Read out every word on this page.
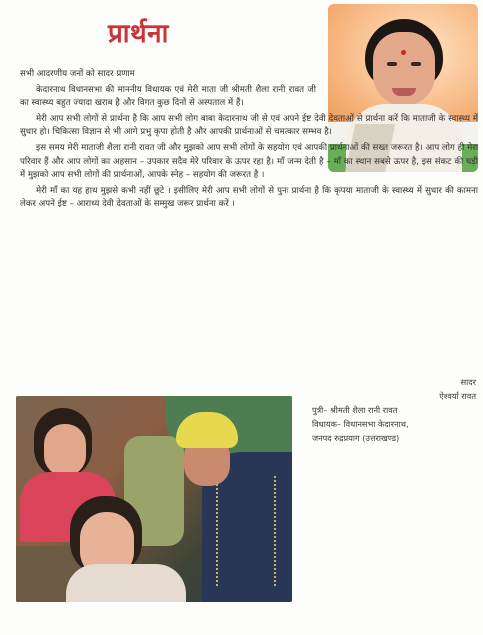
प्रार्थना

सभी आदरणीय जनों को सादर प्रणाम

केदारनाथ विधानसभा की माननीय विधायक एवं मेरी माता जी श्रीमती शैला रानी रावत जी का स्वास्थ्य बहुत ज्यादा खराब है और विगत कुछ दिनों से अस्पताल में हैं।

मेरी आप सभी लोगों से प्रार्थना है कि आप सभी लोग बाबा केदारनाथ जी से एवं अपने ईष्ट देवी देवताओं से प्रार्थना करें कि माताजी के स्वास्थ्य में सुधार हो। चिकित्सा विज्ञान से भी आगे प्रभु कृपा होती है और आपकी प्रार्थनाओं से चमत्कार सम्भव है।

इस समय मेरी माताजी शैला रानी रावत जी और मुझको आप सभी लोगों के सहयोग एवं आपकी प्रार्थनाओं की सख्त जरूरत है। आप लोग ही मेरा परिवार हैं और आप लोगों का अहसान – उपकार सदैव मेरे परिवार के ऊपर रहा है। माँ जन्म देती है – माँ का स्थान सबसे ऊपर है, इस संकट की घड़ी में मुझको आप सभी लोगों की प्रार्थनाओं, आपके स्नेह – सहयोग की जरूरत है ।

मेरी माँ का यह हाथ मुझसे कभी नहीं छूटे । इसीलिए मेरी आप सभी लोगों से पुनः प्रार्थना है कि कृपया माताजी के स्वास्थ्य में सुधार की कामना लेकर अपने ईष्ट – आराध्य देवी देवताओं के सम्मुख जरूर प्रार्थना करें ।

सादर
ऐश्वर्या रावत
पुत्री– श्रीमती शैला रानी रावत
विधायक– विधानसभा केदारनाथ,
जनपद रुद्रप्रयाग (उत्तराखण्ड)
